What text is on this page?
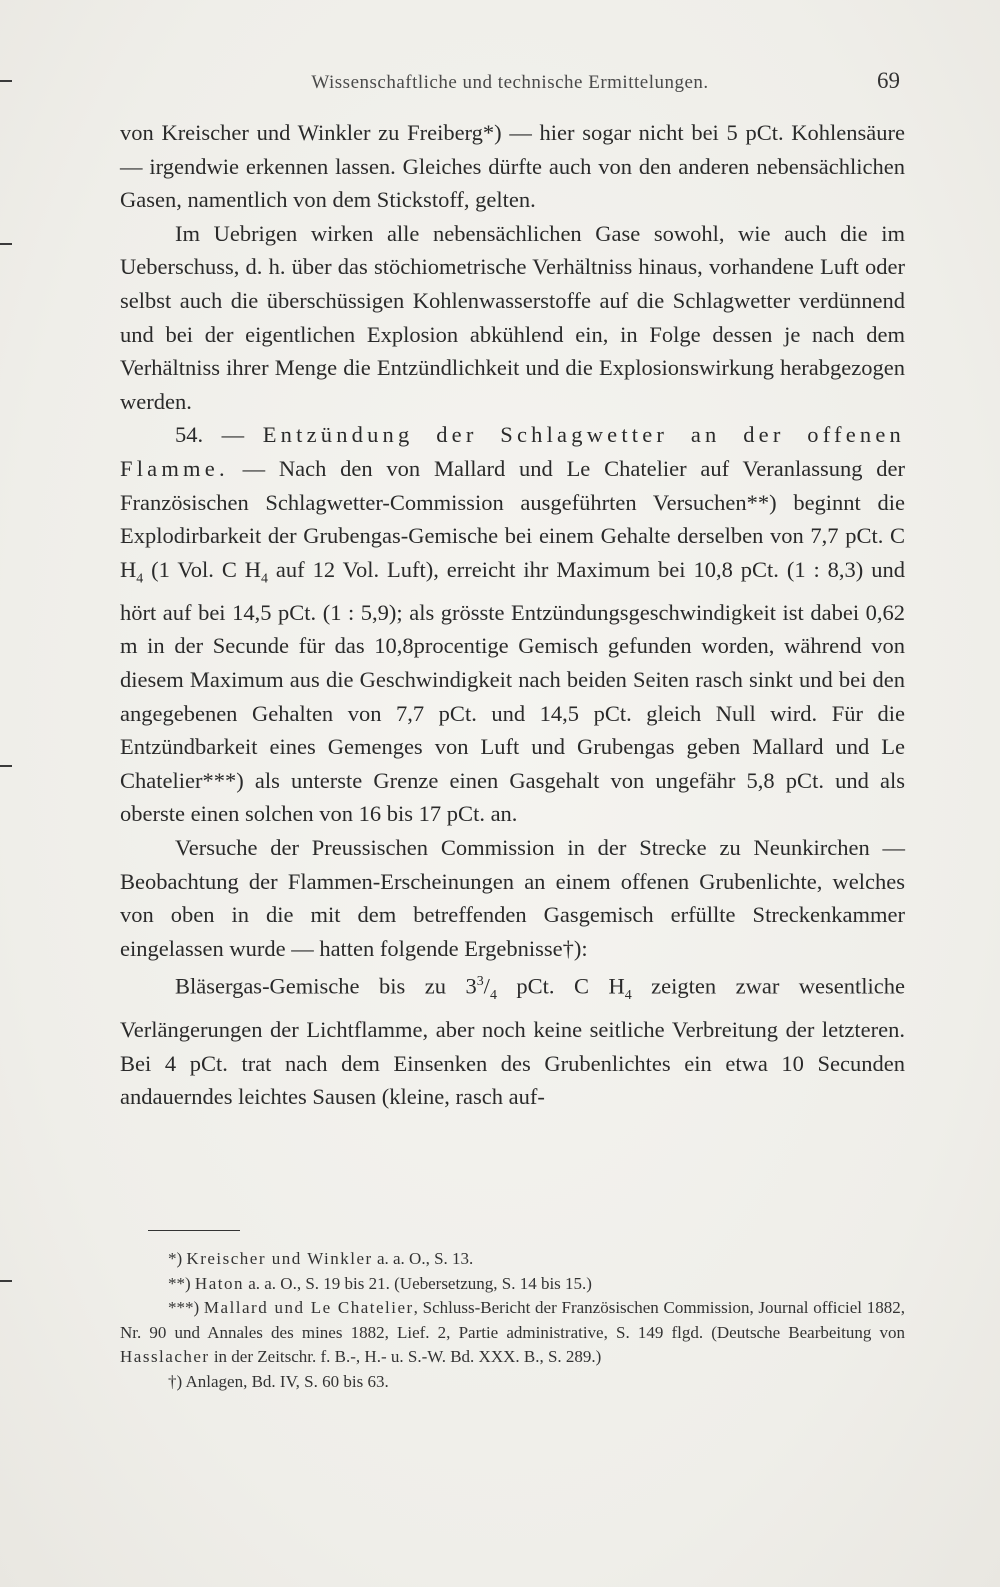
Wissenschaftliche und technische Ermittelungen.	69

von Kreischer und Winkler zu Freiberg*) — hier sogar nicht bei 5 pCt. Kohlensäure — irgendwie erkennen lassen. Gleiches dürfte auch von den anderen nebensächlichen Gasen, namentlich von dem Stickstoff, gelten.

Im Uebrigen wirken alle nebensächlichen Gase sowohl, wie auch die im Ueberschuss, d. h. über das stöchiometrische Verhältniss hinaus, vorhandene Luft oder selbst auch die überschüssigen Kohlenwasserstoffe auf die Schlagwetter verdünnend und bei der eigentlichen Explosion abkühlend ein, in Folge dessen je nach dem Verhältniss ihrer Menge die Entzündlichkeit und die Explosionswirkung herabgezogen werden.

54. — Entzündung der Schlagwetter an der offenen Flamme. — Nach den von Mallard und Le Chatelier auf Veranlassung der Französischen Schlagwetter-Commission ausgeführten Versuchen**) beginnt die Explodirbarkeit der Grubengas-Gemische bei einem Gehalte derselben von 7,7 pCt. C $H_4$ (1 Vol. C $H_4$ auf 12 Vol. Luft), erreicht ihr Maximum bei 10,8 pCt. (1 : 8,3) und hört auf bei 14,5 pCt. (1 : 5,9); als grösste Entzündungsgeschwindigkeit ist dabei 0,62 m in der Secunde für das 10,8procentige Gemisch gefunden worden, während von diesem Maximum aus die Geschwindigkeit nach beiden Seiten rasch sinkt und bei den angegebenen Gehalten von 7,7 pCt. und 14,5 pCt. gleich Null wird. Für die Entzündbarkeit eines Gemenges von Luft und Grubengas geben Mallard und Le Chatelier***) als unterste Grenze einen Gasgehalt von ungefähr 5,8 pCt. und als oberste einen solchen von 16 bis 17 pCt. an.

Versuche der Preussischen Commission in der Strecke zu Neunkirchen — Beobachtung der Flammen-Erscheinungen an einem offenen Grubenlichte, welches von oben in die mit dem betreffenden Gasgemisch erfüllte Streckenkammer eingelassen wurde — hatten folgende Ergebnisse†):

Bläsergas-Gemische bis zu $3^3/_4$ pCt. C $H_4$ zeigten zwar wesentliche Verlängerungen der Lichtflamme, aber noch keine seitliche Verbreitung der letzteren. Bei 4 pCt. trat nach dem Einsenken des Grubenlichtes ein etwa 10 Secunden andauerndes leichtes Sausen (kleine, rasch auf-

*) Kreischer und Winkler a. a. O., S. 13.

**) Haton a. a. O., S. 19 bis 21. (Uebersetzung, S. 14 bis 15.)

***) Mallard und Le Chatelier, Schluss-Bericht der Französischen Commission, Journal officiel 1882, Nr. 90 und Annales des mines 1882, Lief. 2, Partie administrative, S. 149 flgd. (Deutsche Bearbeitung von Hasslacher in der Zeitschr. f. B.-, H.- u. S.-W. Bd. XXX. B., S. 289.)

†) Anlagen, Bd. IV, S. 60 bis 63.
